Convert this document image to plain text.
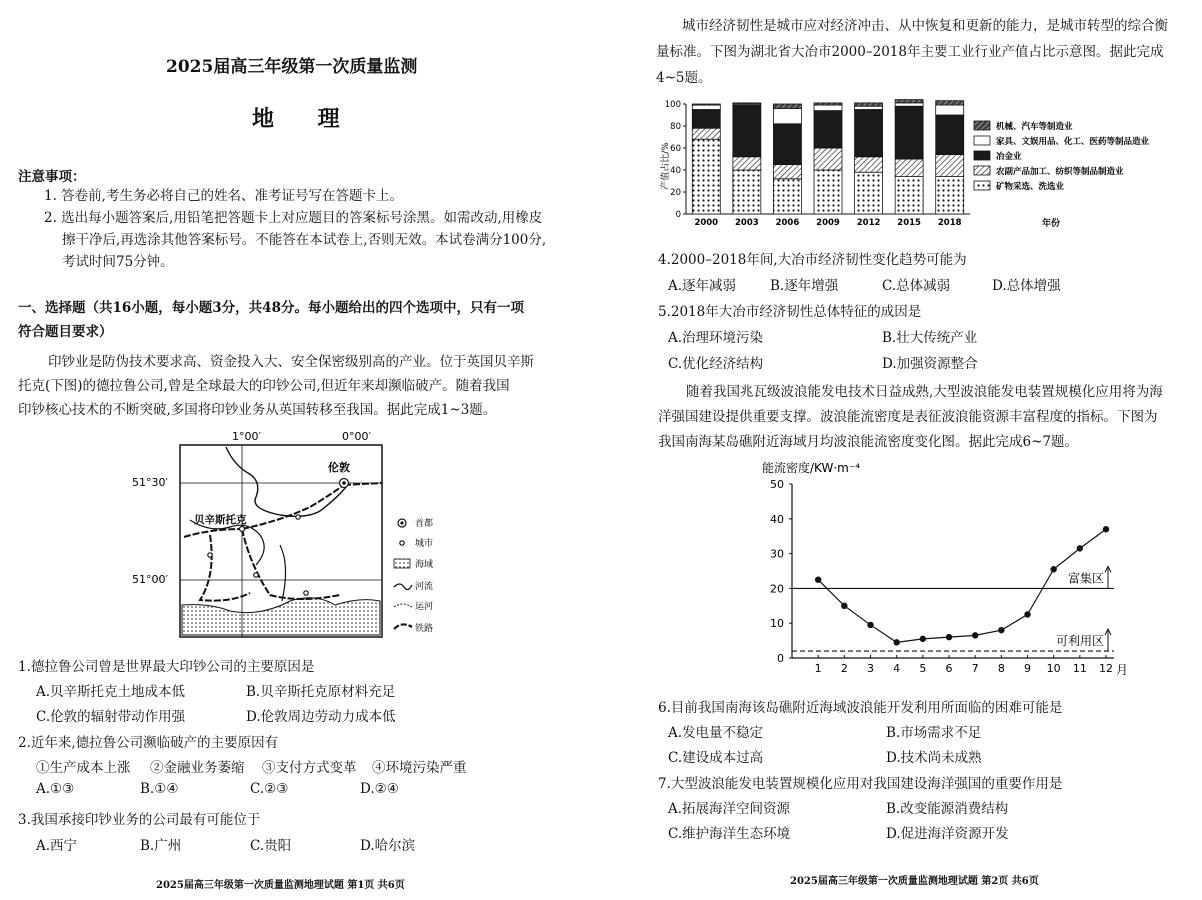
2025届高三年级第一次质量监测
地 理
注意事项：
1. 答卷前,考生务必将自己的姓名、准考证号写在答题卡上。
2. 选出每小题答案后,用铅笔把答题卡上对应题目的答案标号涂黑。如需改动,用橡皮
擦干净后,再选涂其他答案标号。不能答在本试卷上,否则无效。本试卷满分100分,
考试时间75分钟。
一、选择题（共16小题，每小题3分，共48分。每小题给出的四个选项中，只有一项
符合题目要求）
印钞业是防伪技术要求高、资金投入大、安全保密级别高的产业。位于英国贝辛斯
托克(下图)的德拉鲁公司,曾是全球最大的印钞公司,但近年来却濒临破产。随着我国
印钞核心技术的不断突破,多国将印钞业务从英国转移至我国。据此完成1~3题。
1°00′	0°00′
51°30′
51°00′
伦敦
贝辛斯托克	首都
城市
海域
河流
运河
铁路
1.德拉鲁公司曾是世界最大印钞公司的主要原因是
A.贝辛斯托克土地成本低	B.贝辛斯托克原材料充足
C.伦敦的辐射带动作用强	D.伦敦周边劳动力成本低
2.近年来,德拉鲁公司濒临破产的主要原因有
①生产成本上涨 ②金融业务萎缩 ③支付方式变革 ④环境污染严重
A.①③	B.①④	C.②③	D.②④
3.我国承接印钞业务的公司最有可能位于
A.西宁	B.广州	C.贵阳	D.哈尔滨
2025届高三年级第一次质量监测地理试题 第1页 共6页
城市经济韧性是城市应对经济冲击、从中恢复和更新的能力，是城市转型的综合衡
量标准。下图为湖北省大冶市2000–2018年主要工业行业产值占比示意图。据此完成
4~5题。
产值占比/%
0
20
40
60
80
100
2000 2003 2006 2009 2012 2015 2018	年份
机械、汽车等制造业
家具、文娱用品、化工、医药等制品造业
冶金业
农副产品加工、纺织等制品制造业
矿物采选、洗选业
4.2000–2018年间,大冶市经济韧性变化趋势可能为
A.逐年减弱	B.逐年增强	C.总体减弱	D.总体增强
5.2018年大冶市经济韧性总体特征的成因是
A.治理环境污染	B.壮大传统产业
C.优化经济结构	D.加强资源整合
随着我国兆瓦级波浪能发电技术日益成熟,大型波浪能发电装置规模化应用将为海
洋强国建设提供重要支撑。波浪能流密度是表征波浪能资源丰富程度的指标。下图为
我国南海某岛礁附近海域月均波浪能流密度变化图。据此完成6~7题。
能流密度/KW·m⁻⁴
0
10
20
30
40
50
富集区
可利用区
1 2 3 4 5 6 7 8 9 10 11 12 月
6.目前我国南海该岛礁附近海域波浪能开发利用所面临的困难可能是
A.发电量不稳定	B.市场需求不足
C.建设成本过高	D.技术尚未成熟
7.大型波浪能发电装置规模化应用对我国建设海洋强国的重要作用是
A.拓展海洋空间资源	B.改变能源消费结构
C.维护海洋生态环境	D.促进海洋资源开发
2025届高三年级第一次质量监测地理试题 第2页 共6页
